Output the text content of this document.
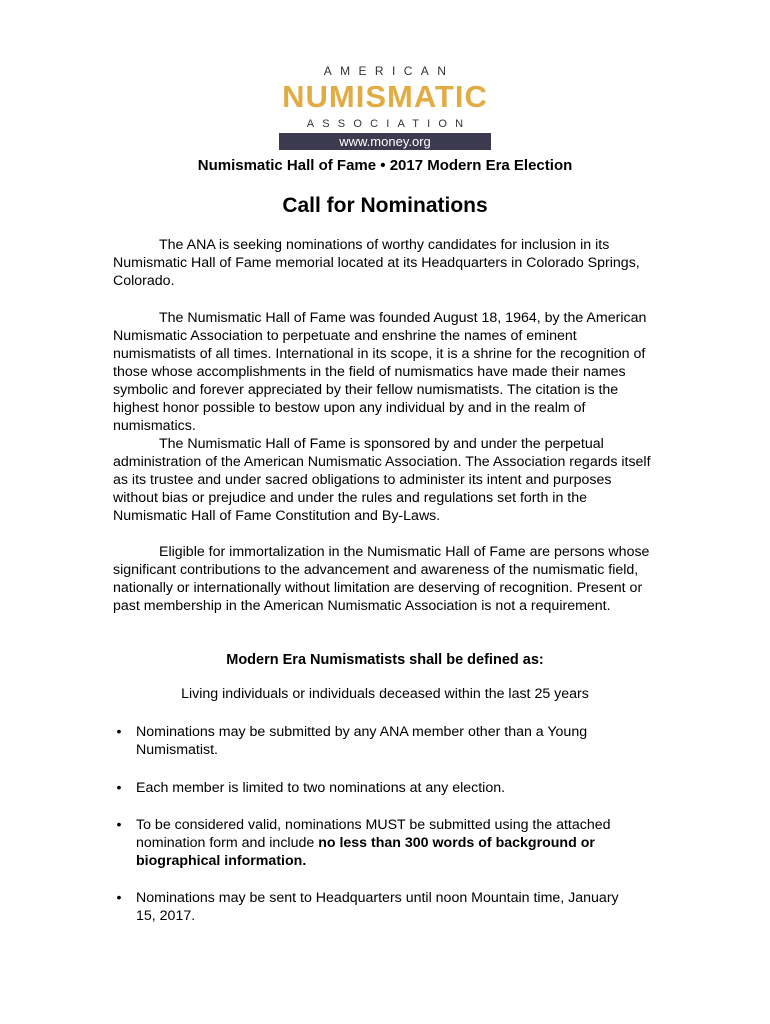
AMERICAN
NUMISMATIC
ASSOCIATION
www.money.org
Numismatic Hall of Fame • 2017 Modern Era Election
Call for Nominations

The ANA is seeking nominations of worthy candidates for inclusion in its Numismatic Hall of Fame memorial located at its Headquarters in Colorado Springs, Colorado.

The Numismatic Hall of Fame was founded August 18, 1964, by the American Numismatic Association to perpetuate and enshrine the names of eminent numismatists of all times. International in its scope, it is a shrine for the recognition of those whose accomplishments in the field of numismatics have made their names symbolic and forever appreciated by their fellow numismatists. The citation is the highest honor possible to bestow upon any individual by and in the realm of numismatics.

The Numismatic Hall of Fame is sponsored by and under the perpetual administration of the American Numismatic Association. The Association regards itself as its trustee and under sacred obligations to administer its intent and purposes without bias or prejudice and under the rules and regulations set forth in the Numismatic Hall of Fame Constitution and By-Laws.

Eligible for immortalization in the Numismatic Hall of Fame are persons whose significant contributions to the advancement and awareness of the numismatic field, nationally or internationally without limitation are deserving of recognition. Present or past membership in the American Numismatic Association is not a requirement.

Modern Era Numismatists shall be defined as:
Living individuals or individuals deceased within the last 25 years
• Nominations may be submitted by any ANA member other than a Young Numismatist.
• Each member is limited to two nominations at any election.
• To be considered valid, nominations MUST be submitted using the attached nomination form and include no less than 300 words of background or biographical information.
• Nominations may be sent to Headquarters until noon Mountain time, January 15, 2017.
